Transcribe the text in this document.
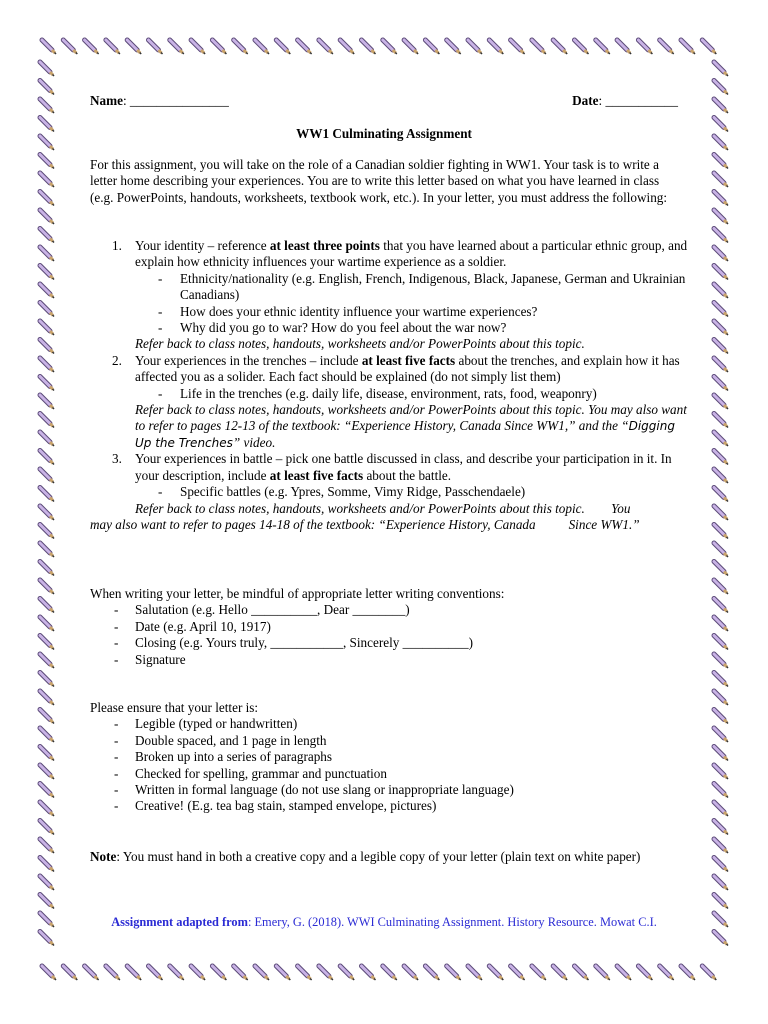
Name: _______________	Date: ___________
WW1 Culminating Assignment
For this assignment, you will take on the role of a Canadian soldier fighting in WW1. Your task is to write a letter home describing your experiences. You are to write this letter based on what you have learned in class (e.g. PowerPoints, handouts, worksheets, textbook work, etc.). In your letter, you must address the following:
1. Your identity – reference at least three points that you have learned about a particular ethnic group, and explain how ethnicity influences your wartime experience as a soldier.
- Ethnicity/nationality (e.g. English, French, Indigenous, Black, Japanese, German and Ukrainian Canadians)
- How does your ethnic identity influence your wartime experiences?
- Why did you go to war? How do you feel about the war now?
Refer back to class notes, handouts, worksheets and/or PowerPoints about this topic.
2. Your experiences in the trenches – include at least five facts about the trenches, and explain how it has affected you as a solider. Each fact should be explained (do not simply list them)
- Life in the trenches (e.g. daily life, disease, environment, rats, food, weaponry)
Refer back to class notes, handouts, worksheets and/or PowerPoints about this topic. You may also want to refer to pages 12-13 of the textbook: “Experience History, Canada Since WW1,” and the “Digging Up the Trenches” video.
3. Your experiences in battle – pick one battle discussed in class, and describe your participation in it. In your description, include at least five facts about the battle.
- Specific battles (e.g. Ypres, Somme, Vimy Ridge, Passchendaele)
Refer back to class notes, handouts, worksheets and/or PowerPoints about this topic.        You
may also want to refer to pages 14-18 of the textbook: “Experience History, Canada          Since WW1.”
When writing your letter, be mindful of appropriate letter writing conventions:
- Salutation (e.g. Hello __________, Dear ________)
- Date (e.g. April 10, 1917)
- Closing (e.g. Yours truly, ___________, Sincerely __________)
- Signature
Please ensure that your letter is:
- Legible (typed or handwritten)
- Double spaced, and 1 page in length
- Broken up into a series of paragraphs
- Checked for spelling, grammar and punctuation
- Written in formal language (do not use slang or inappropriate language)
- Creative! (E.g. tea bag stain, stamped envelope, pictures)
Note: You must hand in both a creative copy and a legible copy of your letter (plain text on white paper)
Assignment adapted from: Emery, G. (2018). WWI Culminating Assignment. History Resource. Mowat C.I.
